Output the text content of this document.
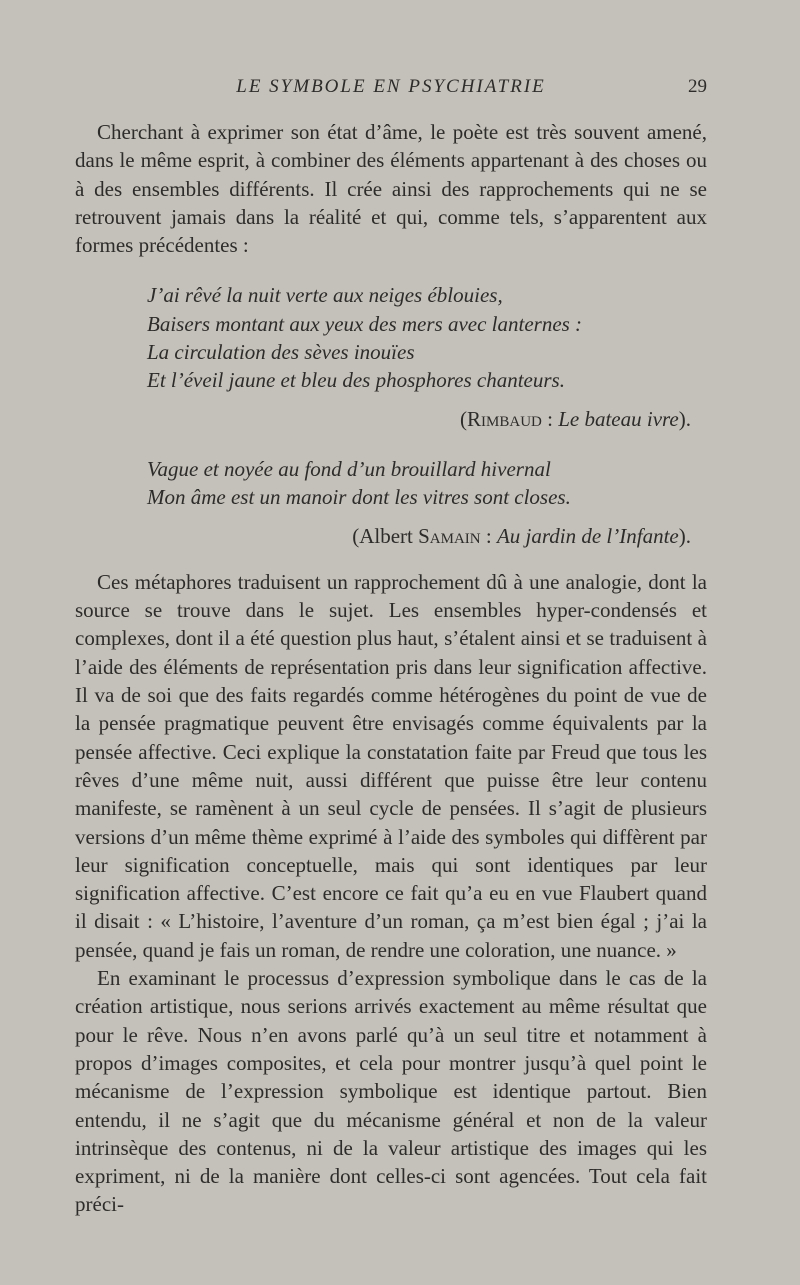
LE SYMBOLE EN PSYCHIATRIE	29

Cherchant à exprimer son état d’âme, le poète est très souvent amené, dans le même esprit, à combiner des éléments appartenant à des choses ou à des ensembles différents. Il crée ainsi des rapprochements qui ne se retrouvent jamais dans la réalité et qui, comme tels, s’apparentent aux formes précédentes :

J’ai rêvé la nuit verte aux neiges éblouies,
Baisers montant aux yeux des mers avec lanternes :
La circulation des sèves inouïes
Et l’éveil jaune et bleu des phosphores chanteurs.
(Rimbaud : Le bateau ivre).
Vague et noyée au fond d’un brouillard hivernal
Mon âme est un manoir dont les vitres sont closes.
(Albert Samain : Au jardin de l’Infante).

Ces métaphores traduisent un rapprochement dû à une analogie, dont la source se trouve dans le sujet. Les ensembles hyper-condensés et complexes, dont il a été question plus haut, s’étalent ainsi et se traduisent à l’aide des éléments de représentation pris dans leur signification affective. Il va de soi que des faits regardés comme hétérogènes du point de vue de la pensée pragmatique peuvent être envisagés comme équivalents par la pensée affective. Ceci explique la constatation faite par Freud que tous les rêves d’une même nuit, aussi différent que puisse être leur contenu manifeste, se ramènent à un seul cycle de pensées. Il s’agit de plusieurs versions d’un même thème exprimé à l’aide des symboles qui diffèrent par leur signification conceptuelle, mais qui sont identiques par leur signification affective. C’est encore ce fait qu’a eu en vue Flaubert quand il disait : « L’histoire, l’aventure d’un roman, ça m’est bien égal ; j’ai la pensée, quand je fais un roman, de rendre une coloration, une nuance. »

En examinant le processus d’expression symbolique dans le cas de la création artistique, nous serions arrivés exactement au même résultat que pour le rêve. Nous n’en avons parlé qu’à un seul titre et notamment à propos d’images composites, et cela pour montrer jusqu’à quel point le mécanisme de l’expression symbolique est identique partout. Bien entendu, il ne s’agit que du mécanisme général et non de la valeur intrinsèque des contenus, ni de la valeur artistique des images qui les expriment, ni de la manière dont celles-ci sont agencées. Tout cela fait préci-
